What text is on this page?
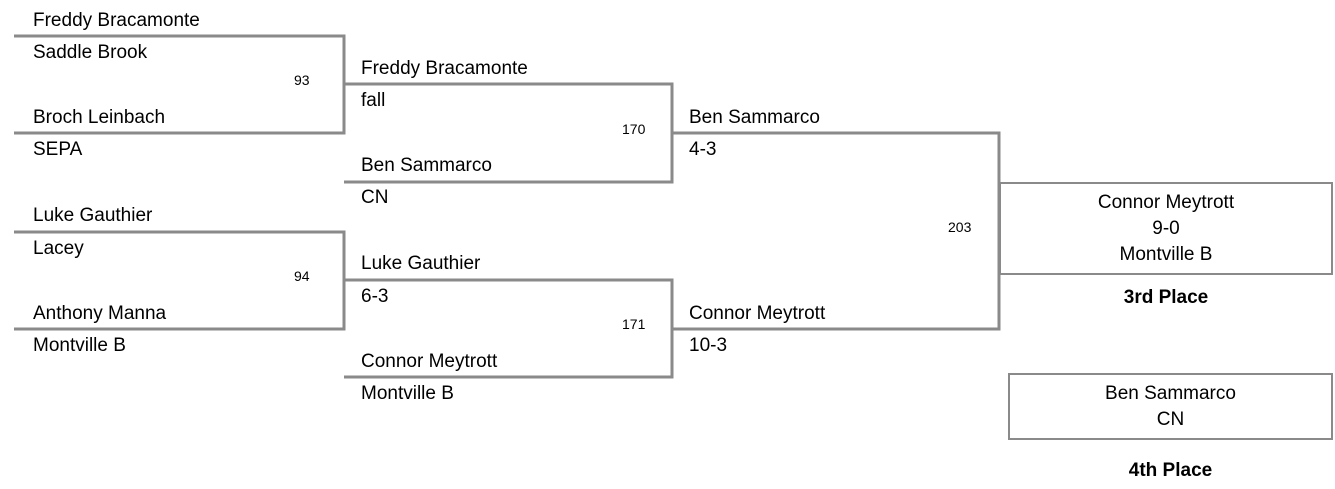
Freddy Bracamonte
Saddle Brook
93
Broch Leinbach
SEPA
Luke Gauthier
Lacey
94
Anthony Manna
Montville B
Freddy Bracamonte
fall
170
Ben Sammarco
CN
Luke Gauthier
6-3
171
Connor Meytrott
Montville B
Ben Sammarco
4-3
203
Connor Meytrott
10-3
Connor Meytrott
9-0
Montville B
3rd Place
Ben Sammarco
CN
4th Place
